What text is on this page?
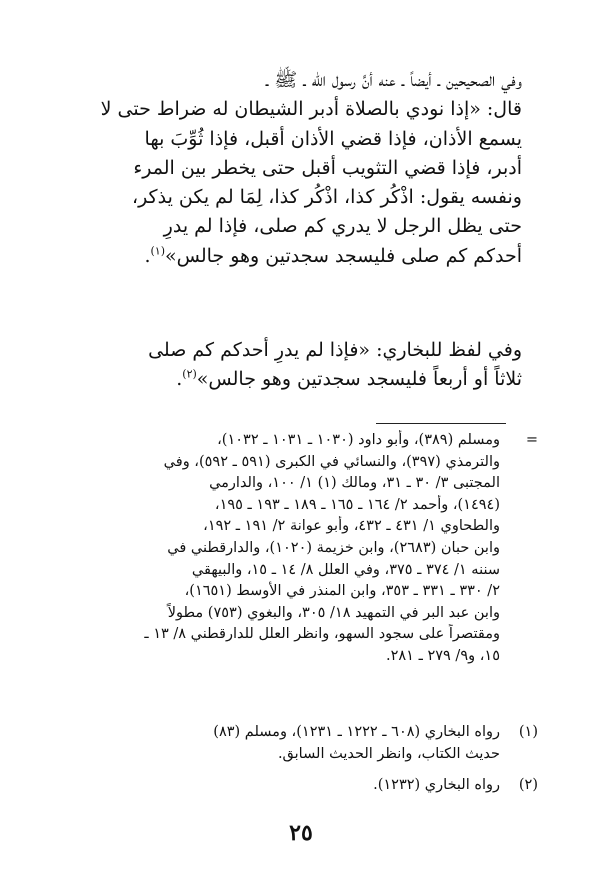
وفي الصحيحين ـ أيضاً ـ عنه أنَّ رسول الله ـ ﷺ ـ
قال: «إذا نودي بالصلاة أدبر الشيطان له ضراط حتى لا
يسمع الأذان، فإذا قضي الأذان أقبل، فإذا ثُوِّبَ بها
أدبر، فإذا قضي التثويب أقبل حتى يخطر بين المرء
ونفسه يقول: اذْكُر كذا، اذْكُر كذا، لِمَا لم يكن يذكر،
حتى يظل الرجل لا يدري كم صلى، فإذا لم يدرِ
أحدكم كم صلى فليسجد سجدتين وهو جالس»$^{(١)}$.
وفي لفظ للبخاري: «فإذا لم يدرِ أحدكم كم صلى
ثلاثاً أو أربعاً فليسجد سجدتين وهو جالس»$^{(٢)}$.
=
ومسلم (٣٨٩)، وأبو داود (١٠٣٠ ـ ١٠٣١ ـ ١٠٣٢)،
والترمذي (٣٩٧)، والنسائي في الكبرى (٥٩١ ـ ٥٩٢)، وفي
المجتبى ٣/ ٣٠ ـ ٣١، ومالك (١) ١/ ١٠٠، والدارمي
(١٤٩٤)، وأحمد ٢/ ١٦٤ ـ ١٦٥ ـ ١٨٩ ـ ١٩٣ ـ ١٩٥،
والطحاوي ١/ ٤٣١ ـ ٤٣٢، وأبو عوانة ٢/ ١٩١ ـ ١٩٢،
وابن حبان (٢٦٨٣)، وابن خزيمة (١٠٢٠)، والدارقطني في
سننه ١/ ٣٧٤ ـ ٣٧٥، وفي العلل ٨/ ١٤ ـ ١٥، والبيهقي
٢/ ٣٣٠ ـ ٣٣١ ـ ٣٥٣، وابن المنذر في الأوسط (١٦٥١)،
وابن عبد البر في التمهيد ١٨/ ٣٠٥، والبغوي (٧٥٣) مطولاً
ومقتصراً على سجود السهو، وانظر العلل للدارقطني ٨/ ١٣ ـ
١٥، و٩/ ٢٧٩ ـ ٢٨١.
(١)
رواه البخاري (٦٠٨ ـ ١٢٢٢ ـ ١٢٣١)، ومسلم (٨٣)
حديث الكتاب، وانظر الحديث السابق.
(٢)
رواه البخاري (١٢٣٢).
٢٥
